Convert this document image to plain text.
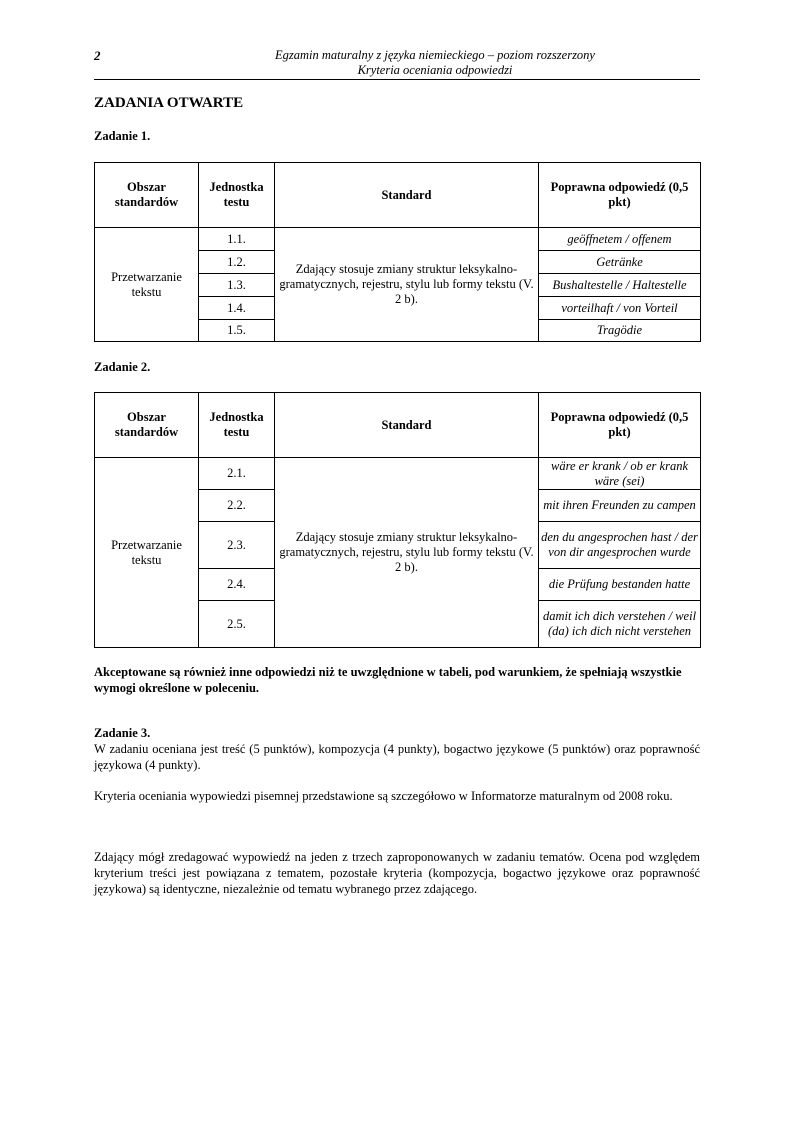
2	Egzamin maturalny z języka niemieckiego – poziom rozszerzony
Kryteria oceniania odpowiedzi
ZADANIA OTWARTE
Zadanie 1.
Obszar standardów	Jednostka testu	Standard	Poprawna odpowiedź (0,5 pkt)
Przetwarzanie tekstu	1.1.	Zdający stosuje zmiany struktur leksykalno-gramatycznych, rejestru, stylu lub formy tekstu (V. 2 b).	geöffnetem / offenem
	1.2.		Getränke
	1.3.		Bushaltestelle / Haltestelle
	1.4.		vorteilhaft / von Vorteil
	1.5.		Tragödie
Zadanie 2.
Obszar standardów	Jednostka testu	Standard	Poprawna odpowiedź (0,5 pkt)
Przetwarzanie tekstu	2.1.	Zdający stosuje zmiany struktur leksykalno-gramatycznych, rejestru, stylu lub formy tekstu (V. 2 b).	wäre er krank / ob er krank wäre (sei)
	2.2.		mit ihren Freunden zu campen
	2.3.		den du angesprochen hast / der von dir angesprochen wurde
	2.4.		die Prüfung bestanden hatte
	2.5.		damit ich dich verstehen / weil (da) ich dich nicht verstehen
Akceptowane są również inne odpowiedzi niż te uwzględnione w tabeli, pod warunkiem, że spełniają wszystkie wymogi określone w poleceniu.
Zadanie 3.
W zadaniu oceniana jest treść (5 punktów), kompozycja (4 punkty), bogactwo językowe (5 punktów) oraz poprawność językowa (4 punkty).
Kryteria oceniania wypowiedzi pisemnej przedstawione są szczegółowo w Informatorze maturalnym od 2008 roku.
Zdający mógł zredagować wypowiedź na jeden z trzech zaproponowanych w zadaniu tematów. Ocena pod względem kryterium treści jest powiązana z tematem, pozostałe kryteria (kompozycja, bogactwo językowe oraz poprawność językowa) są identyczne, niezależnie od tematu wybranego przez zdającego.
